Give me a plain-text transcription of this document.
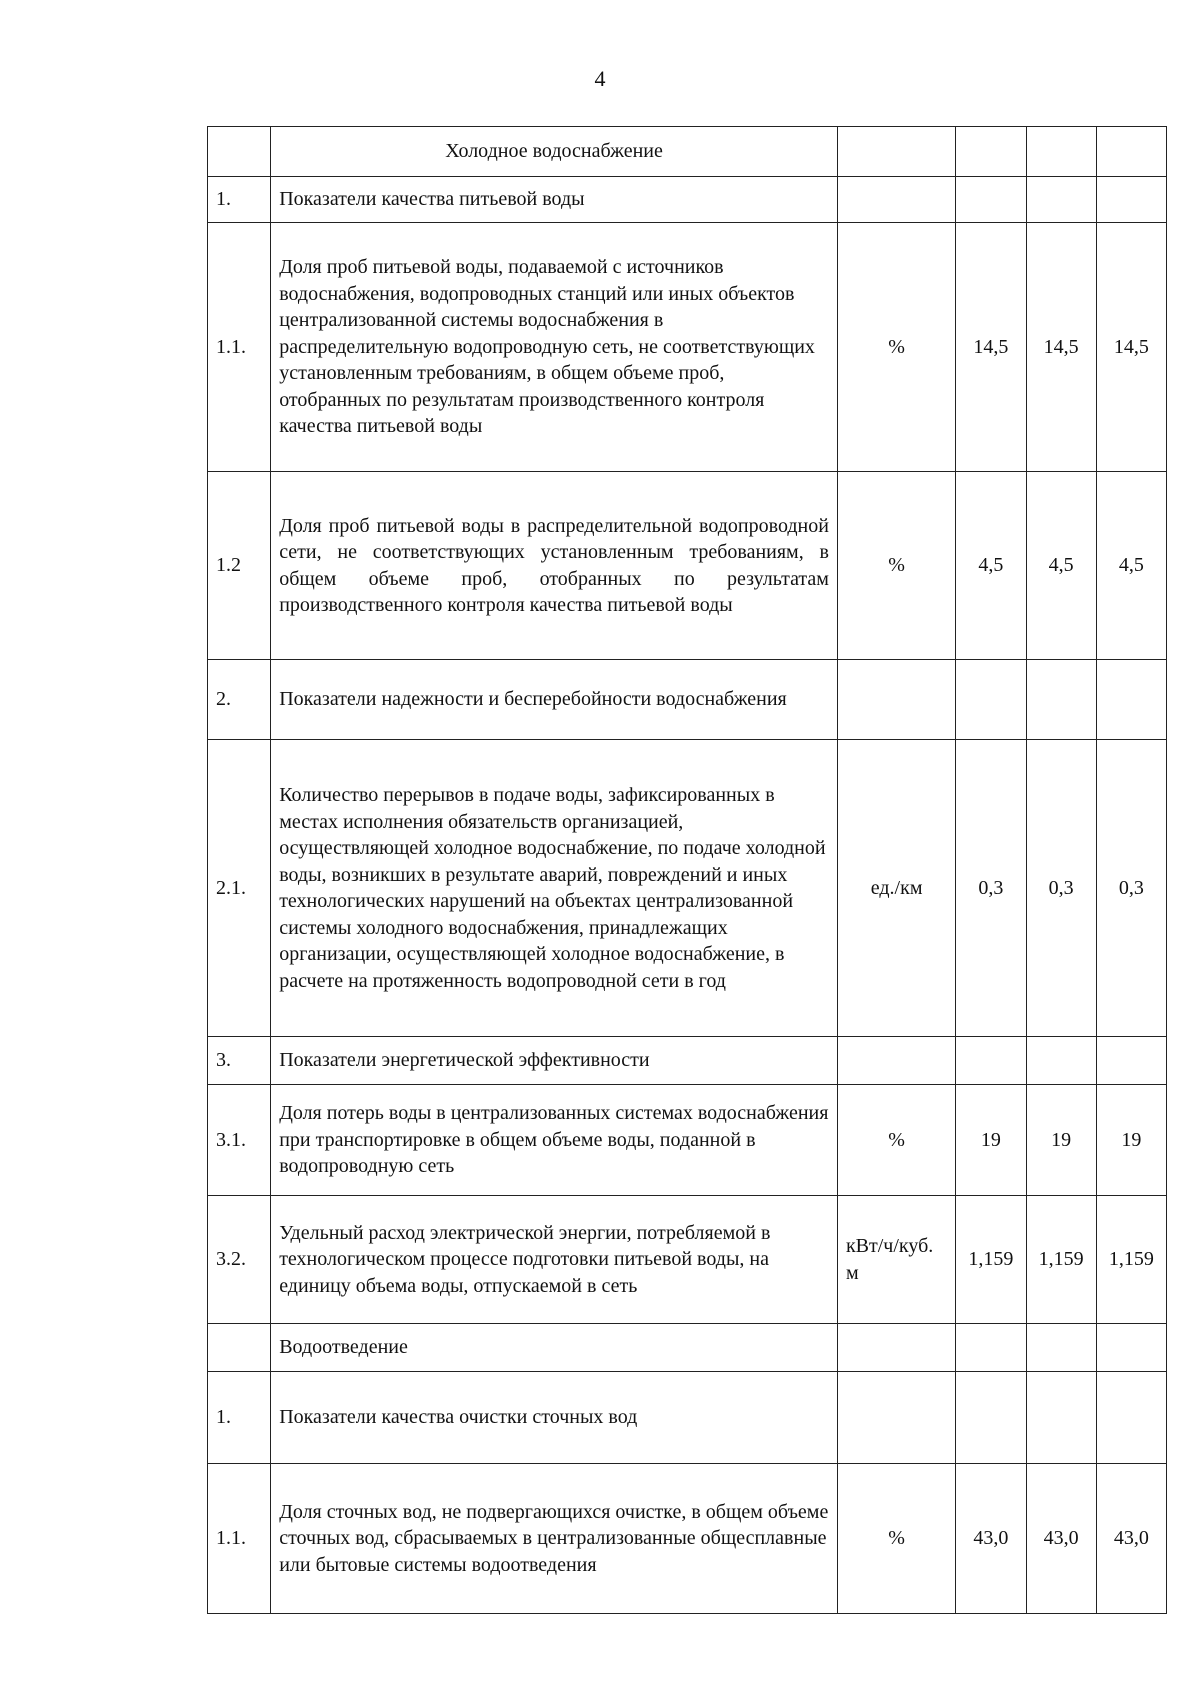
4
	Холодное водоснабжение				
1.	Показатели качества питьевой воды				
1.1.	Доля проб питьевой воды, подаваемой с источников водоснабжения, водопроводных станций или иных объектов централизованной системы водоснабжения в распределительную водопроводную сеть, не соответствующих установленным требованиям, в общем объеме проб, отобранных по результатам производственного контроля качества питьевой воды	%	14,5	14,5	14,5
1.2	Доля проб питьевой воды в распределительной водопроводной сети, не соответствующих установленным требованиям, в общем объеме проб, отобранных по результатам производственного контроля качества питьевой воды	%	4,5	4,5	4,5
2.	Показатели надежности и бесперебойности водоснабжения				
2.1.	Количество перерывов в подаче воды, зафиксированных в местах исполнения обязательств организацией, осуществляющей холодное водоснабжение, по подаче холодной воды, возникших в результате аварий, повреждений и иных технологических нарушений на объектах централизованной системы холодного водоснабжения, принадлежащих организации, осуществляющей холодное водоснабжение, в расчете на протяженность водопроводной сети в год	ед./км	0,3	0,3	0,3
3.	Показатели энергетической эффективности				
3.1.	Доля потерь воды в централизованных системах водоснабжения при транспортировке в общем объеме воды, поданной в водопроводную сеть	%	19	19	19
3.2.	Удельный расход электрической энергии, потребляемой в технологическом процессе подготовки питьевой воды, на единицу объема воды, отпускаемой в сеть	кВт/ч/куб. м	1,159	1,159	1,159
	Водоотведение				
1.	Показатели качества очистки сточных вод				
1.1.	Доля сточных вод, не подвергающихся очистке, в общем объеме сточных вод, сбрасываемых в централизованные общесплавные или бытовые системы водоотведения	%	43,0	43,0	43,0
